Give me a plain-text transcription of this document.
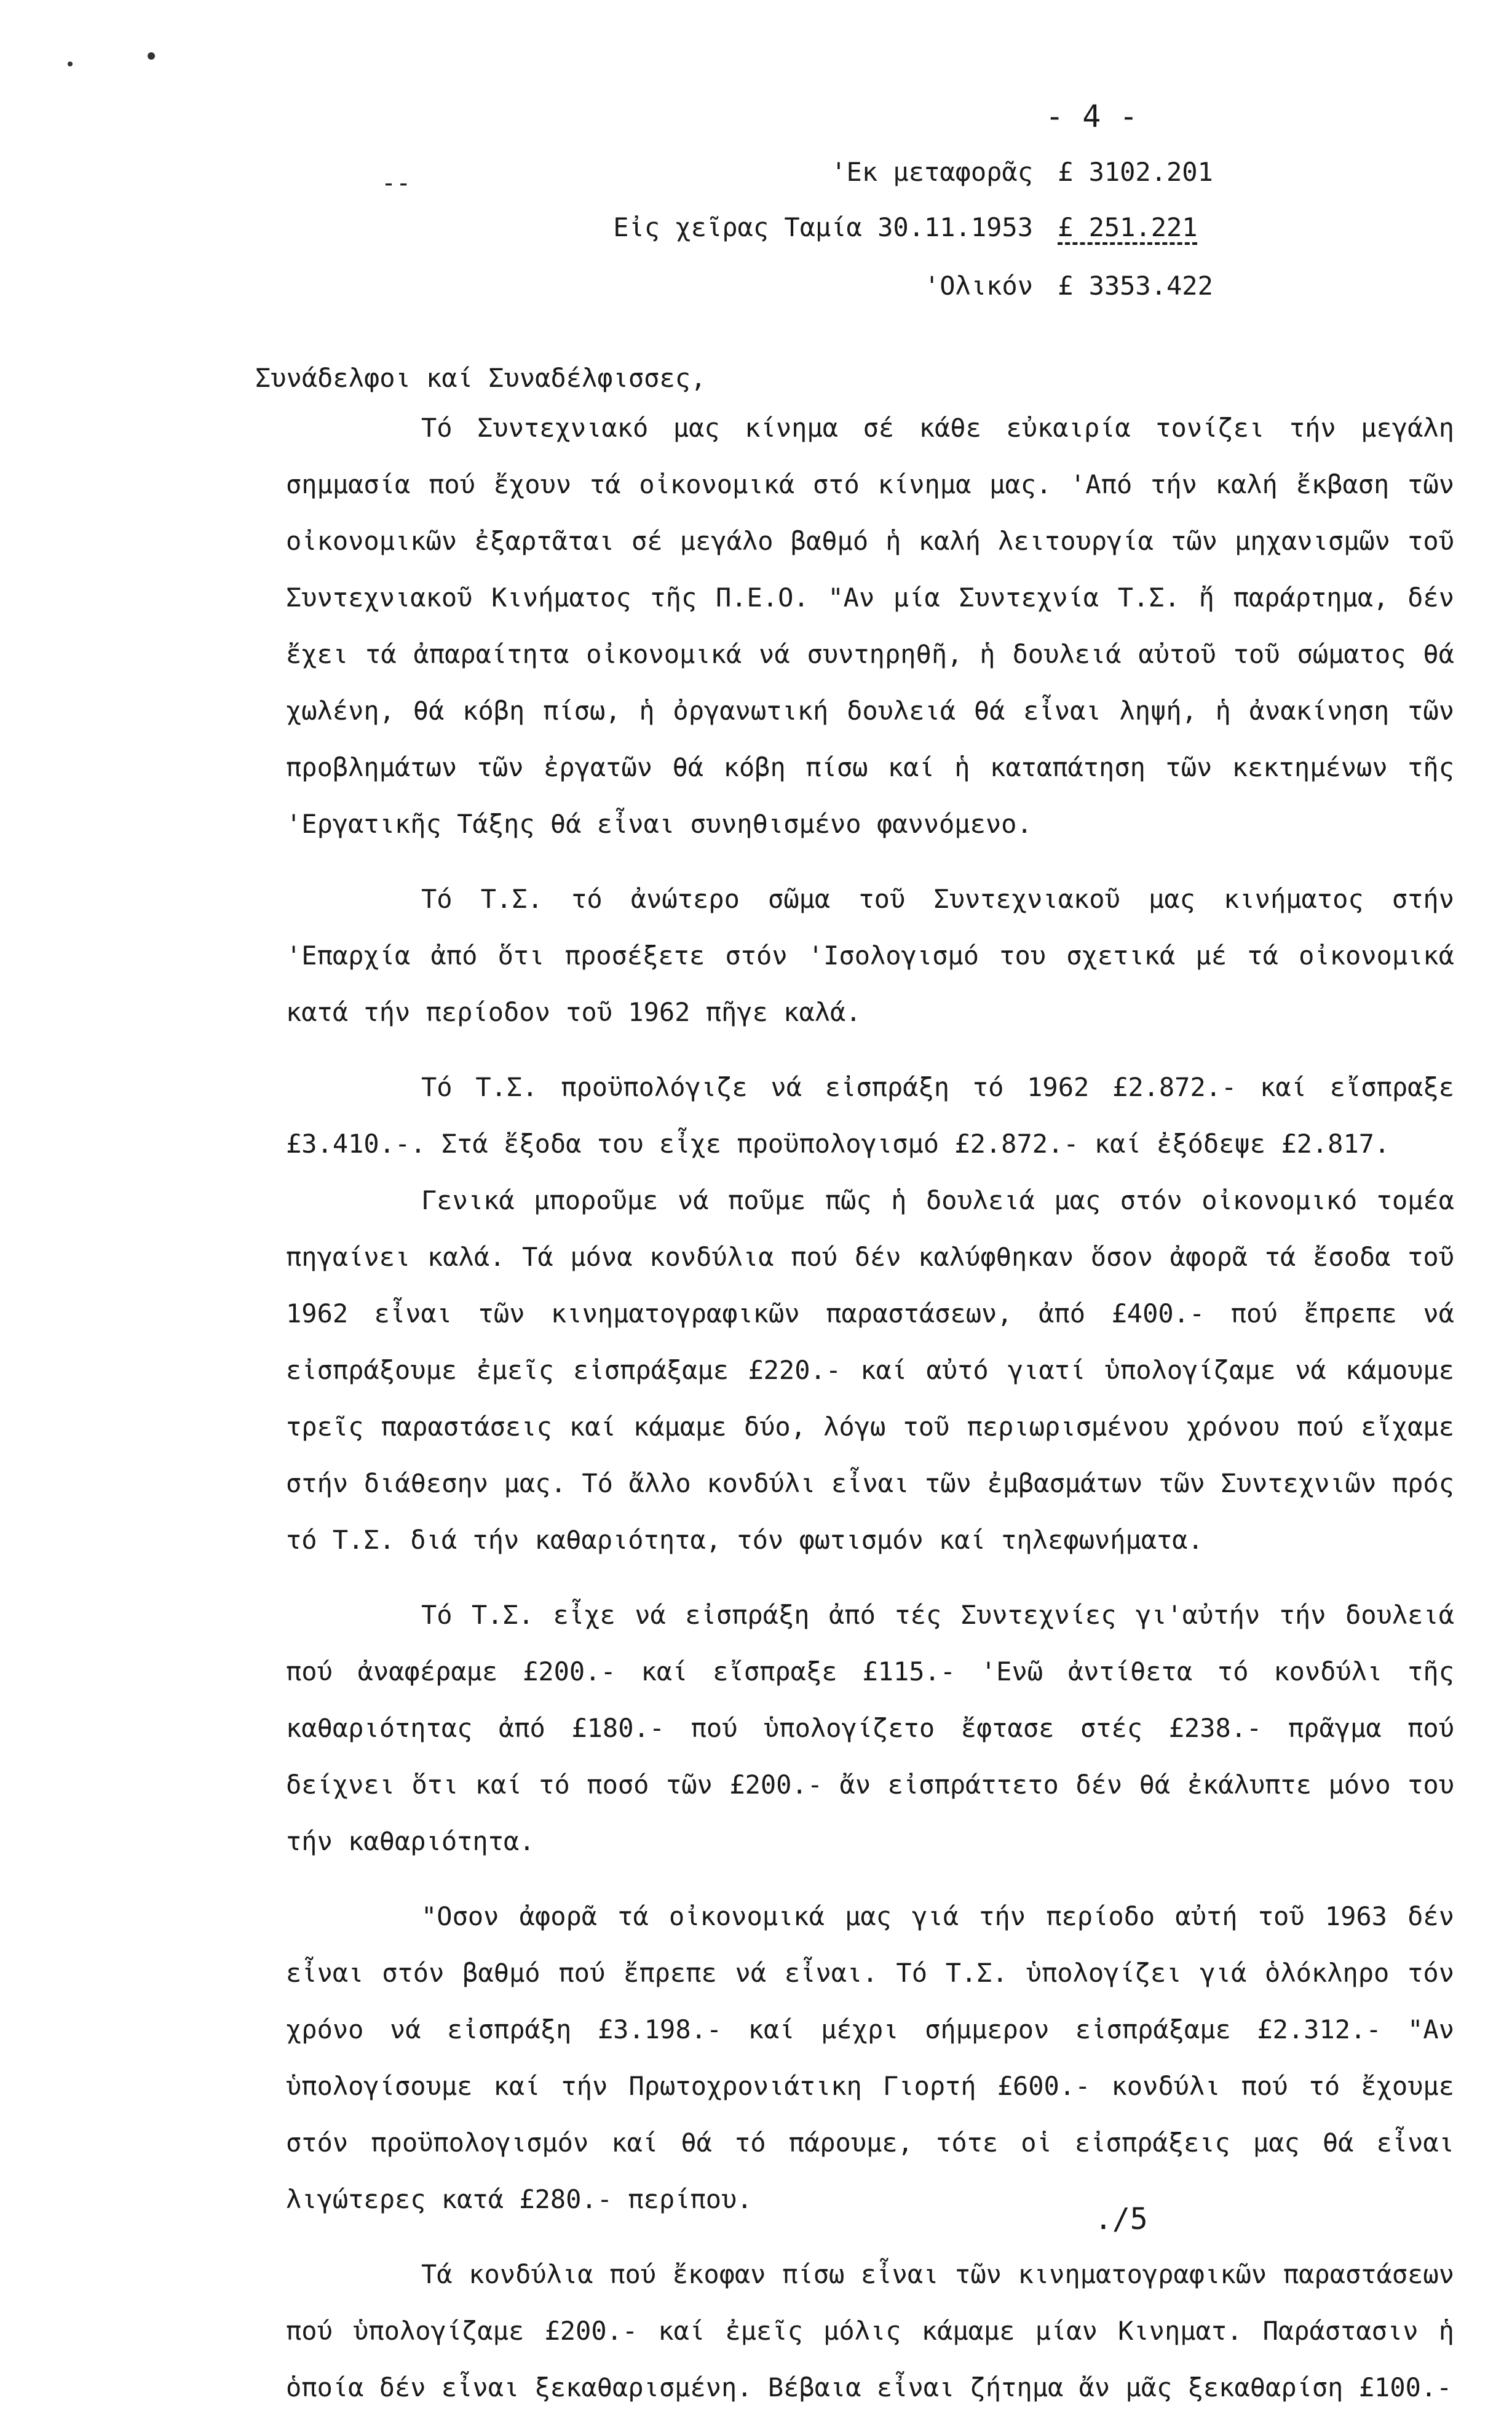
- 4 -
--	'Εκ μεταφορᾶς £ 3102.201
Εἰς χεῖρας Ταμία 30.11.1953 £ 251.221
'Ολικόν £ 3353.422
Συνάδελφοι καί Συναδέλφισσες,

Τό Συντεχνιακό μας κίνημα σέ κάθε εὐκαιρία τονίζει τήν μεγάλη σημμασία πού ἔχουν τά οἰκονομικά στό κίνημα μας. 'Από τήν καλή ἔκβαση τῶν οἰκονομικῶν ἐξαρτᾶται σέ μεγάλο βαθμό ἡ καλή λειτουργία τῶν μηχανισμῶν τοῦ Συντεχνιακοῦ Κινήματος τῆς Π.Ε.Ο. "Αν μία Συντεχνία Τ.Σ. ἤ παράρτημα, δέν ἔχει τά ἀπαραίτητα οἰκονομικά νά συντηρηθῆ, ἡ δουλειά αὐτοῦ τοῦ σώματος θά χωλένη, θά κόβη πίσω, ἡ ὀργανωτική δουλειά θά εἶναι ληψή, ἡ ἀνακίνηση τῶν προβλημάτων τῶν ἐργατῶν θά κόβη πίσω καί ἡ καταπάτηση τῶν κεκτημένων τῆς 'Εργατικῆς Τάξης θά εἶναι συνηθισμένο φαννόμενο.

Τό Τ.Σ. τό ἀνώτερο σῶμα τοῦ Συντεχνιακοῦ μας κινήματος στήν 'Επαρχία ἀπό ὅτι προσέξετε στόν 'Ισολογισμό του σχετικά μέ τά οἰκονομικά κατά τήν περίοδον τοῦ 1962 πῆγε καλά.

Τό Τ.Σ. προϋπολόγιζε νά εἰσπράξη τό 1962 £2.872.- καί εἴσπραξε £3.410.-. Στά ἔξοδα του εἶχε προϋπολογισμό £2.872.- καί ἐξόδεψε £2.817.

Γενικά μποροῦμε νά ποῦμε πῶς ἡ δουλειά μας στόν οἰκονομικό τομέα πηγαίνει καλά. Τά μόνα κονδύλια πού δέν καλύφθηκαν ὅσον ἀφορᾶ τά ἔσοδα τοῦ 1962 εἶναι τῶν κινηματογραφικῶν παραστάσεων, ἀπό £400.- πού ἔπρεπε νά εἰσπράξουμε ἐμεῖς εἰσπράξαμε £220.- καί αὐτό γιατί ὑπολογίζαμε νά κάμουμε τρεῖς παραστάσεις καί κάμαμε δύο, λόγω τοῦ περιωρισμένου χρόνου πού εἴχαμε στήν διάθεσην μας. Τό ἄλλο κονδύλι εἶναι τῶν ἐμβασμάτων τῶν Συντεχνιῶν πρός τό Τ.Σ. διά τήν καθαριότητα, τόν φωτισμόν καί τηλεφωνήματα.

Τό Τ.Σ. εἶχε νά εἰσπράξη ἀπό τές Συντεχνίες γι'αὐτήν τήν δουλειά πού ἀναφέραμε £200.- καί εἴσπραξε £115.- 'Ενῶ ἀντίθετα τό κονδύλι τῆς καθαριότητας ἀπό £180.- πού ὑπολογίζετο ἔφτασε στές £238.- πρᾶγμα πού δείχνει ὅτι καί τό ποσό τῶν £200.- ἄν εἰσπράττετο δέν θά ἐκάλυπτε μόνο του τήν καθαριότητα.

"Οσον ἀφορᾶ τά οἰκονομικά μας γιά τήν περίοδο αὐτή τοῦ 1963 δέν εἶναι στόν βαθμό πού ἔπρεπε νά εἶναι. Τό Τ.Σ. ὑπολογίζει γιά ὁλόκληρο τόν χρόνο νά εἰσπράξη £3.198.- καί μέχρι σήμμερον εἰσπράξαμε £2.312.- "Αν ὑπολογίσουμε καί τήν Πρωτοχρονιάτικη Γιορτή £600.- κονδύλι πού τό ἔχουμε στόν προϋπολογισμόν καί θά τό πάρουμε, τότε οἱ εἰσπράξεις μας θά εἶναι λιγώτερες κατά £280.- περίπου.

Τά κονδύλια πού ἔκοφαν πίσω εἶναι τῶν κινηματογραφικῶν παραστάσεων πού ὑπολογίζαμε £200.- καί ἐμεῖς μόλις κάμαμε μίαν Κινηματ. Παράστασιν ἡ ὁποία δέν εἶναι ξεκαθαρισμένη. Βέβαια εἶναι ζήτημα ἄν μᾶς ξεκαθαρίση £100.-

./5
